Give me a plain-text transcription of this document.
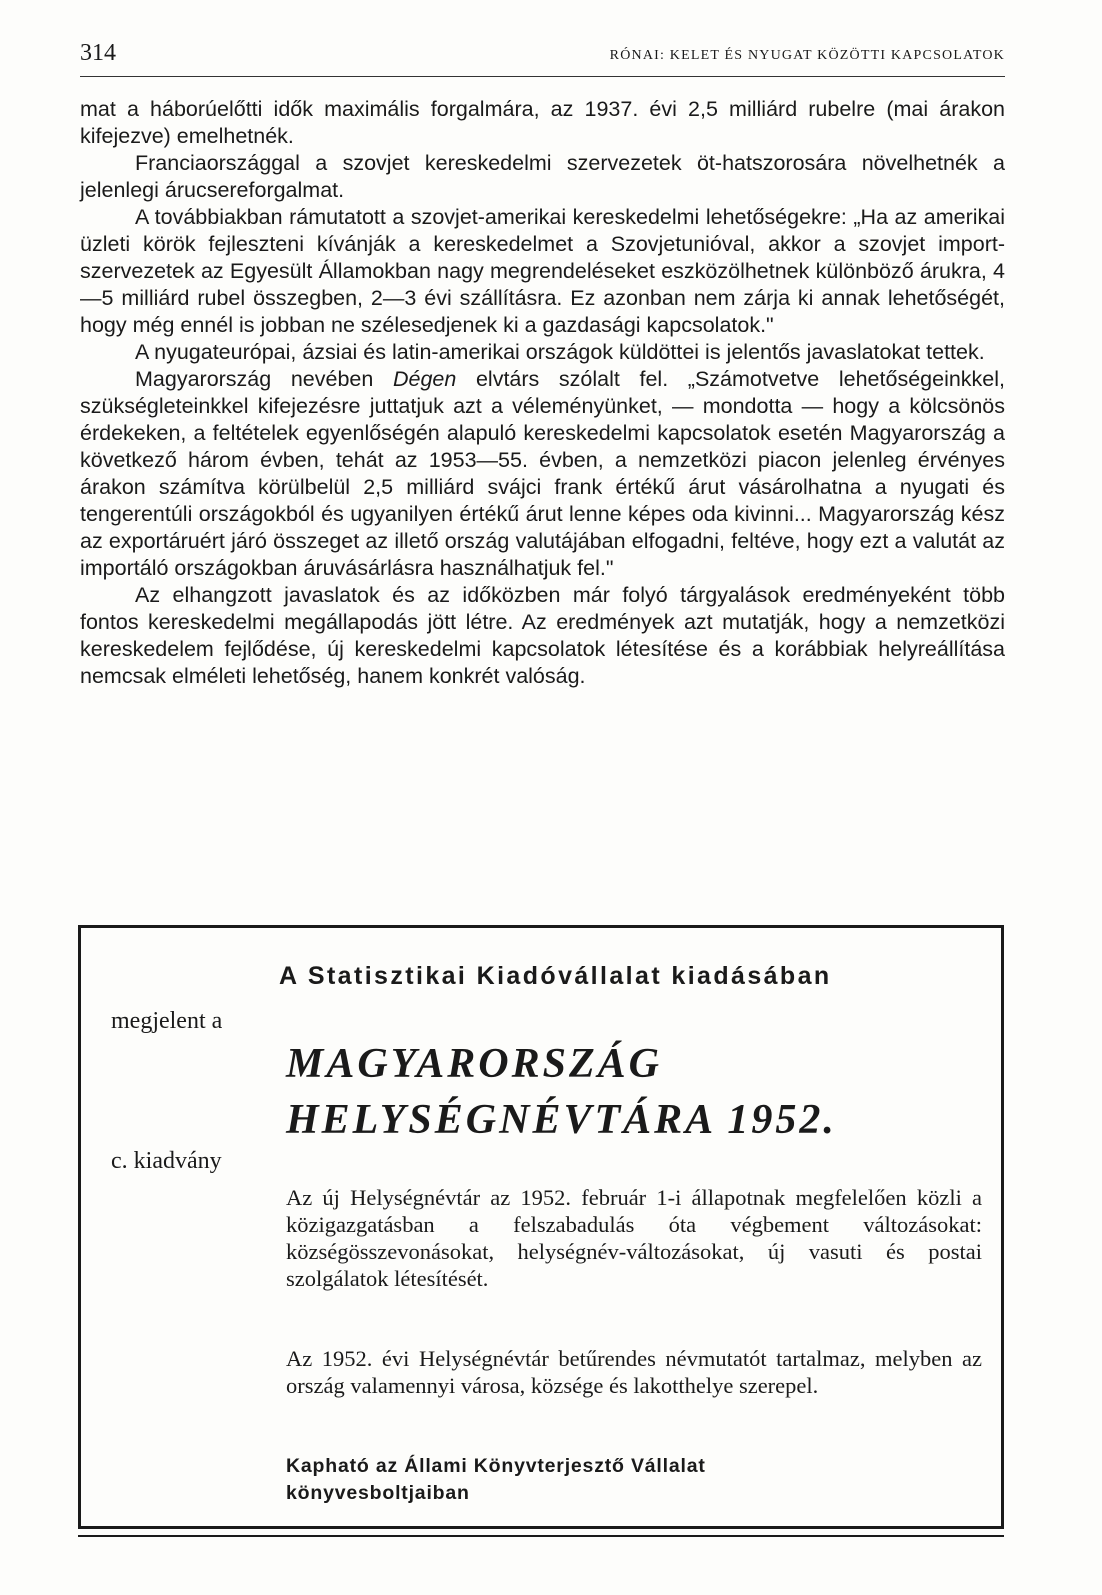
314	RÓNAI: KELET ÉS NYUGAT KÖZÖTTI KAPCSOLATOK

mat a háborúelőtti idők maximális forgalmára, az 1937. évi 2,5 milliárd rubelre (mai árakon kifejezve) emelhetnék.

Franciaországgal a szovjet kereskedelmi szervezetek öt-hatszorosára növelhetnék a jelenlegi árucsereforgalmat.

A továbbiakban rámutatott a szovjet-amerikai kereskedelmi lehetőségekre: „Ha az amerikai üzleti körök fejleszteni kívánják a kereskedelmet a Szovjetunióval, akkor a szovjet import-szervezetek az Egyesült Államokban nagy megrendeléseket eszközölhetnek különböző árukra, 4—5 milliárd rubel összegben, 2—3 évi szállításra. Ez azonban nem zárja ki annak lehetőségét, hogy még ennél is jobban ne szélesedjenek ki a gazdasági kapcsolatok."

A nyugateurópai, ázsiai és latin-amerikai országok küldöttei is jelentős javaslatokat tettek.

Magyarország nevében Dégen elvtárs szólalt fel. „Számotvetve lehetőségeinkkel, szükségleteinkkel kifejezésre juttatjuk azt a véleményünket, — mondotta — hogy a kölcsönös érdekeken, a feltételek egyenlőségén alapuló kereskedelmi kapcsolatok esetén Magyarország a következő három évben, tehát az 1953—55. évben, a nemzetközi piacon jelenleg érvényes árakon számítva körülbelül 2,5 milliárd svájci frank értékű árut vásárolhatna a nyugati és tengerentúli országokból és ugyanilyen értékű árut lenne képes oda kivinni... Magyarország kész az exportáruért járó összeget az illető ország valutájában elfogadni, feltéve, hogy ezt a valutát az importáló országokban áruvásárlásra használhatjuk fel."

Az elhangzott javaslatok és az időközben már folyó tárgyalások eredményeként több fontos kereskedelmi megállapodás jött létre. Az eredmények azt mutatják, hogy a nemzetközi kereskedelem fejlődése, új kereskedelmi kapcsolatok létesítése és a korábbiak helyreállítása nemcsak elméleti lehetőség, hanem konkrét valóság.

A Statisztikai Kiadóvállalat kiadásában
megjelent a
MAGYARORSZÁG
HELYSÉGNÉVTÁRA 1952.
c. kiadvány
Az új Helységnévtár az 1952. február 1-i állapotnak megfelelően közli a közigazgatásban a felszabadulás óta végbement változásokat: községösszevonásokat, helységnév-változásokat, új vasuti és postai szolgálatok létesítését.
Az 1952. évi Helységnévtár betűrendes névmutatót tartalmaz, melyben az ország valamennyi városa, községe és lakotthelye szerepel.
Kapható az Állami Könyvterjesztő Vállalat
könyvesboltjaiban
